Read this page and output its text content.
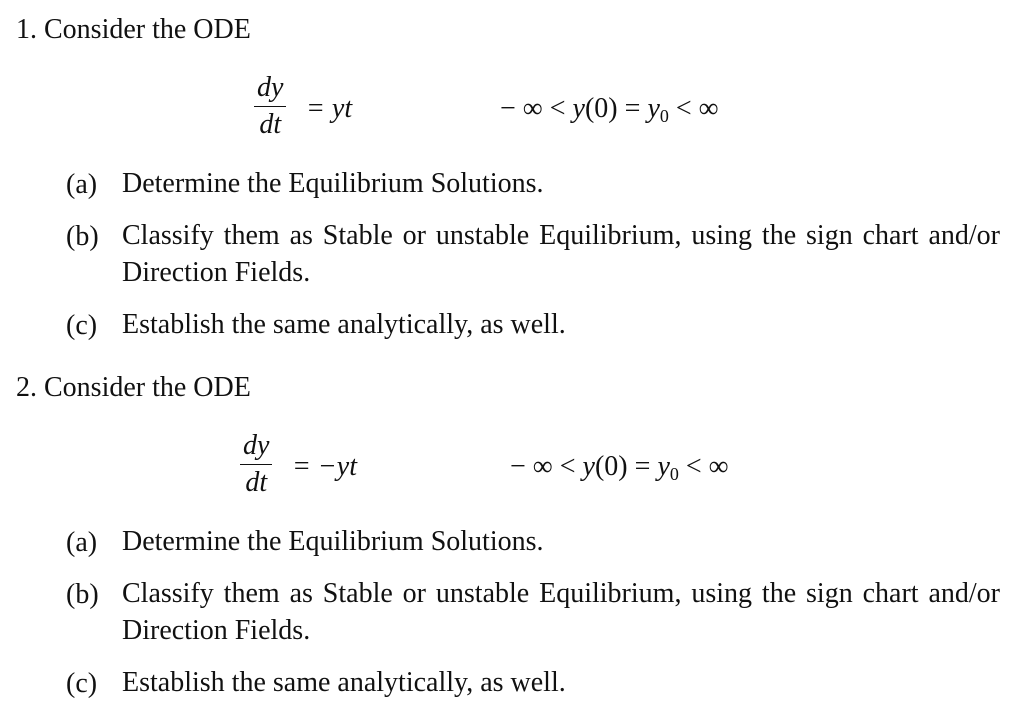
1. Consider the ODE
dy
dt
= yt	− ∞ < $y(0) = y_0$ < ∞
(a) Determine the Equilibrium Solutions.
(b) Classify them as Stable or unstable Equilibrium, using the sign chart and/or Direction Fields.
(c) Establish the same analytically, as well.
2. Consider the ODE
dy
dt
= −yt	− ∞ < $y(0) = y_0$ < ∞
(a) Determine the Equilibrium Solutions.
(b) Classify them as Stable or unstable Equilibrium, using the sign chart and/or Direction Fields.
(c) Establish the same analytically, as well.
